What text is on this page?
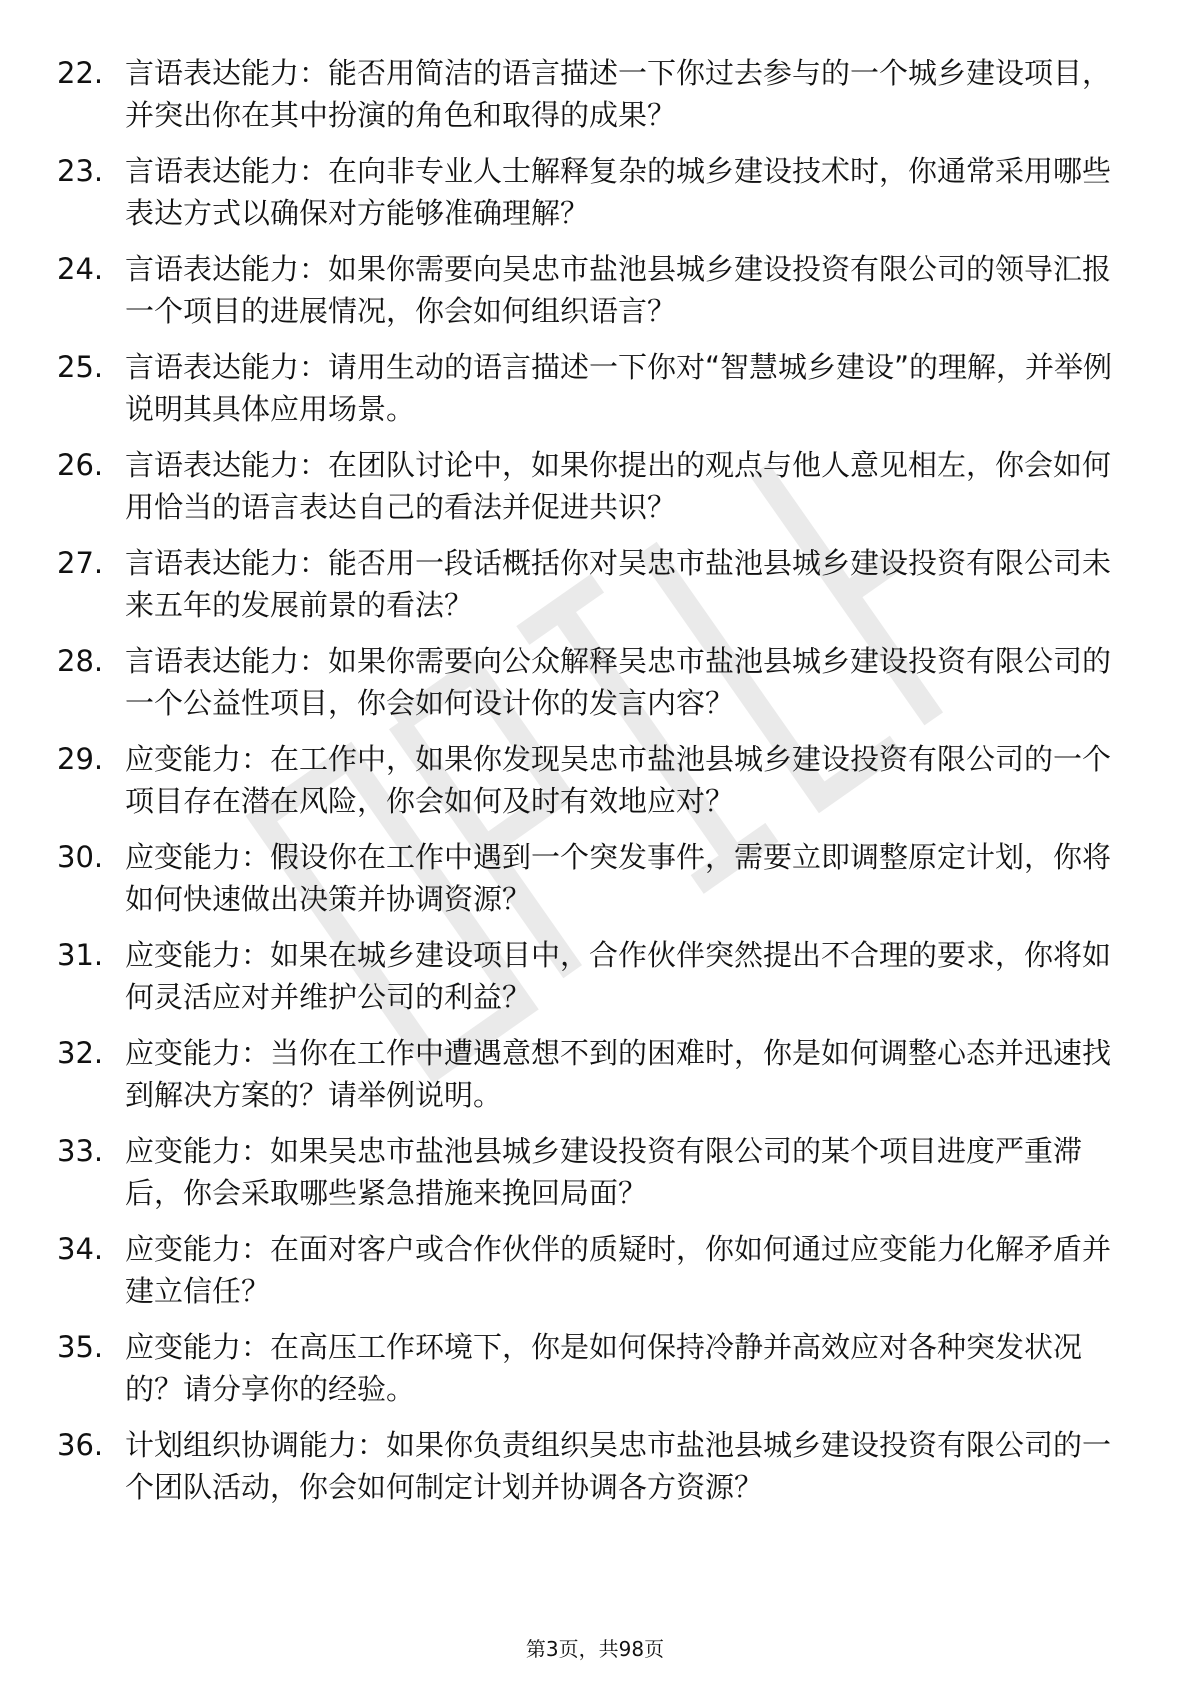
22. 言语表达能力：能否用简洁的语言描述一下你过去参与的一个城乡建设项目，并突出你在其中扮演的角色和取得的成果？
23. 言语表达能力：在向非专业人士解释复杂的城乡建设技术时，你通常采用哪些表达方式以确保对方能够准确理解？
24. 言语表达能力：如果你需要向吴忠市盐池县城乡建设投资有限公司的领导汇报一个项目的进展情况，你会如何组织语言？
25. 言语表达能力：请用生动的语言描述一下你对“智慧城乡建设”的理解，并举例说明其具体应用场景。
26. 言语表达能力：在团队讨论中，如果你提出的观点与他人意见相左，你会如何用恰当的语言表达自己的看法并促进共识？
27. 言语表达能力：能否用一段话概括你对吴忠市盐池县城乡建设投资有限公司未来五年的发展前景的看法？
28. 言语表达能力：如果你需要向公众解释吴忠市盐池县城乡建设投资有限公司的一个公益性项目，你会如何设计你的发言内容？
29. 应变能力：在工作中，如果你发现吴忠市盐池县城乡建设投资有限公司的一个项目存在潜在风险，你会如何及时有效地应对？
30. 应变能力：假设你在工作中遇到一个突发事件，需要立即调整原定计划，你将如何快速做出决策并协调资源？
31. 应变能力：如果在城乡建设项目中，合作伙伴突然提出不合理的要求，你将如何灵活应对并维护公司的利益？
32. 应变能力：当你在工作中遭遇意想不到的困难时，你是如何调整心态并迅速找到解决方案的？请举例说明。
33. 应变能力：如果吴忠市盐池县城乡建设投资有限公司的某个项目进度严重滞后，你会采取哪些紧急措施来挽回局面？
34. 应变能力：在面对客户或合作伙伴的质疑时，你如何通过应变能力化解矛盾并建立信任？
35. 应变能力：在高压工作环境下，你是如何保持冷静并高效应对各种突发状况的？请分享你的经验。
36. 计划组织协调能力：如果你负责组织吴忠市盐池县城乡建设投资有限公司的一个团队活动，你会如何制定计划并协调各方资源？
第3页，共98页
